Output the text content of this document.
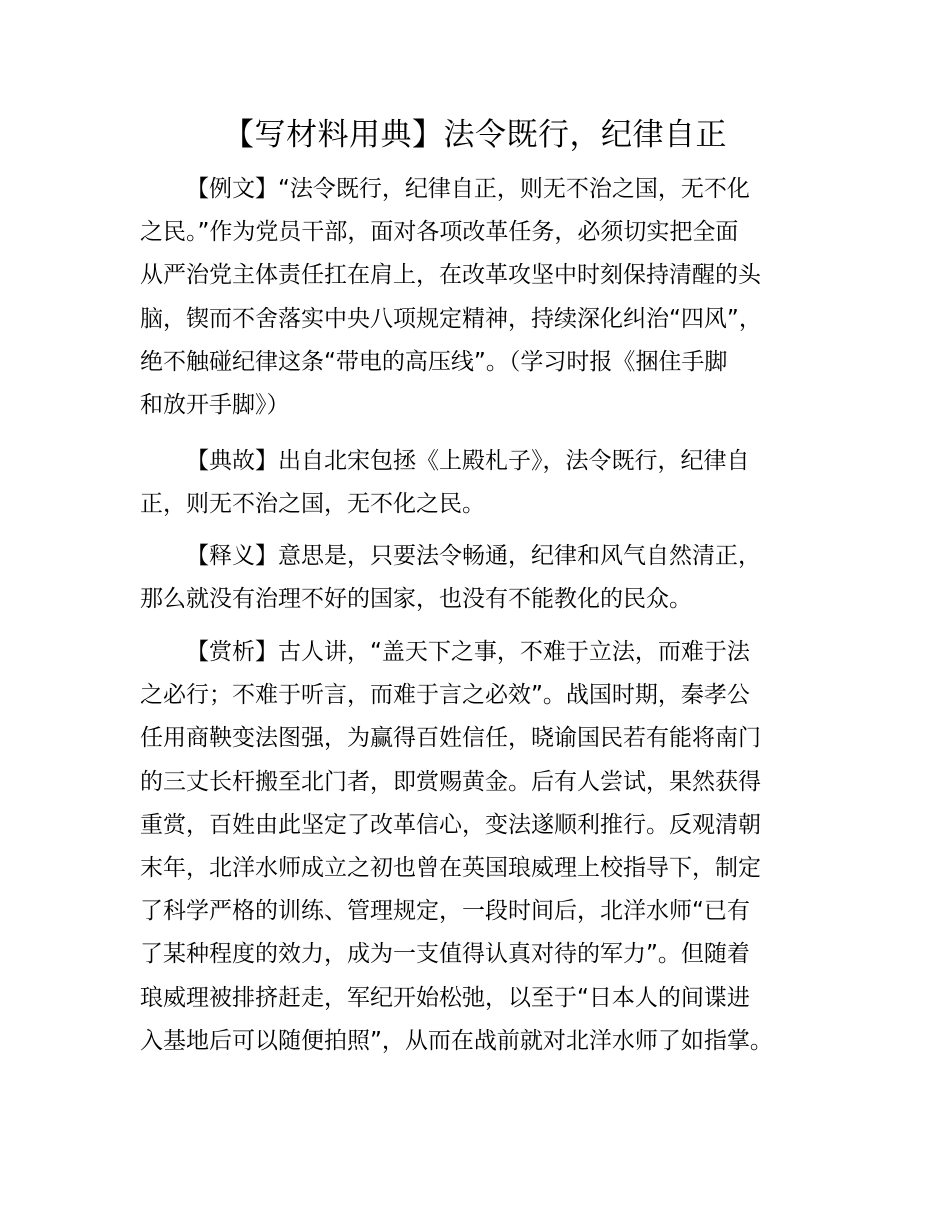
【写材料用典】法令既行，纪律自正
【例文】“法令既行，纪律自正，则无不治之国，无不化
之民。”作为党员干部，面对各项改革任务，必须切实把全面
从严治党主体责任扛在肩上，在改革攻坚中时刻保持清醒的头
脑，锲而不舍落实中央八项规定精神，持续深化纠治“四风”，
绝不触碰纪律这条“带电的高压线”。（学习时报《捆住手脚
和放开手脚》）
【典故】出自北宋包拯《上殿札子》，法令既行，纪律自
正，则无不治之国，无不化之民。
【释义】意思是，只要法令畅通，纪律和风气自然清正，
那么就没有治理不好的国家，也没有不能教化的民众。
【赏析】古人讲，“盖天下之事，不难于立法，而难于法
之必行；不难于听言，而难于言之必效”。战国时期，秦孝公
任用商鞅变法图强，为赢得百姓信任，晓谕国民若有能将南门
的三丈长杆搬至北门者，即赏赐黄金。后有人尝试，果然获得
重赏，百姓由此坚定了改革信心，变法遂顺利推行。反观清朝
末年，北洋水师成立之初也曾在英国琅威理上校指导下，制定
了科学严格的训练、管理规定，一段时间后，北洋水师“已有
了某种程度的效力，成为一支值得认真对待的军力”。但随着
琅威理被排挤赶走，军纪开始松弛，以至于“日本人的间谍进
入基地后可以随便拍照”，从而在战前就对北洋水师了如指掌。
